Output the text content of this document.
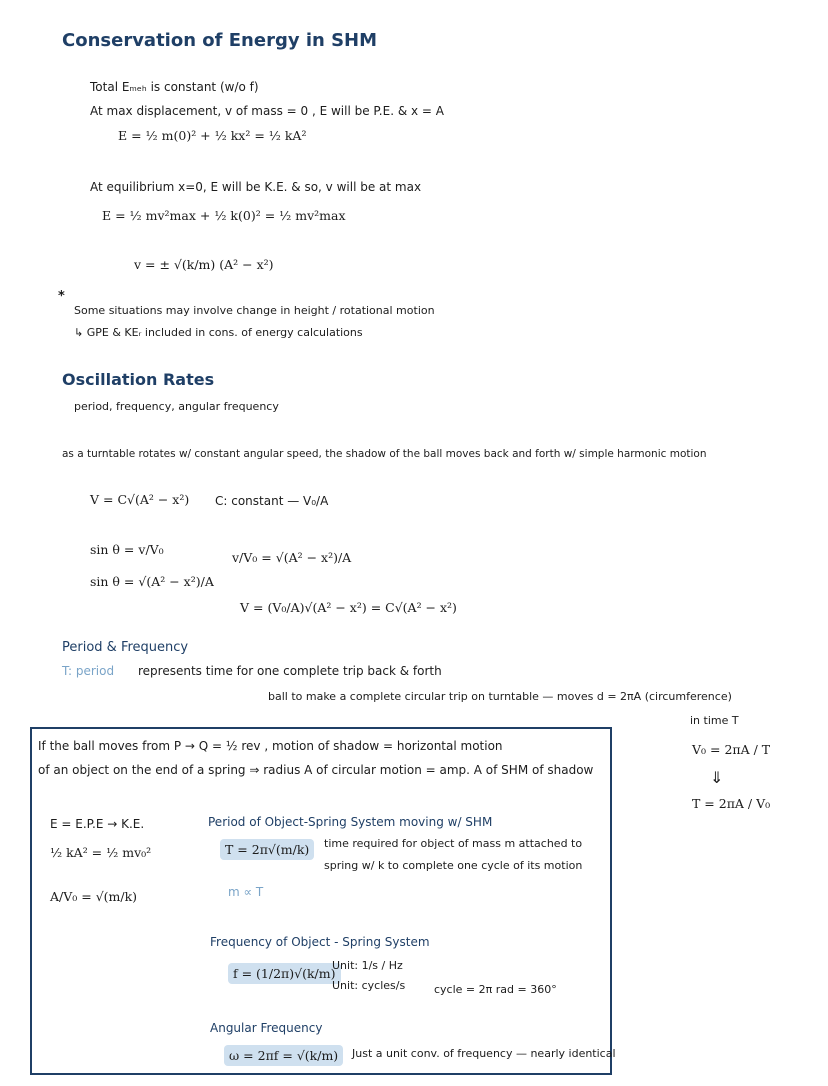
Conservation of Energy in SHM
Total Eₘₑₕ is constant (w/o f)
At max displacement, v of mass = 0 , E will be P.E. & x = A
E = ½ m(0)² + ½ kx² = ½ kA²
At equilibrium x=0, E will be K.E. & so, v will be at max
E = ½ mv²max + ½ k(0)² = ½ mv²max
v = ± √(k/m) (A² − x²)
*
Some situations may involve change in height / rotational motion
↳ GPE & KEᵣ included in cons. of energy calculations
Oscillation Rates
period, frequency, angular frequency
as a turntable rotates w/ constant angular speed, the shadow of the ball moves back and forth w/ simple harmonic motion
V = C√(A² − x²) C: constant — V₀/A
sin θ = v/V₀
sin θ = √(A² − x²)/A
v/V₀ = √(A² − x²)/A
V = (V₀/A)√(A² − x²) = C√(A² − x²)
Period & Frequency
T: period represents time for one complete trip back & forth
ball to make a complete circular trip on turntable — moves d = 2πA (circumference)
in time T
V₀ = 2πA / T
⇓
T = 2πA / V₀
If the ball moves from P → Q = ½ rev , motion of shadow = horizontal motion
of an object on the end of a spring ⇒ radius A of circular motion = amp. A of SHM of shadow
E = E.P.E → K.E.
½ kA² = ½ mv₀²
A/V₀ = √(m/k)
Period of Object-Spring System moving w/ SHM
T = 2π√(m/k)	time required for object of mass m attached to
spring w/ k to complete one cycle of its motion
m ∝ T
Frequency of Object - Spring System
f = (1/2π)√(k/m)
Unit: 1/s / Hz
Unit: cycles/s	cycle = 2π rad = 360°
Angular Frequency
ω = 2πf = √(k/m)	Just a unit conv. of frequency — nearly identical
